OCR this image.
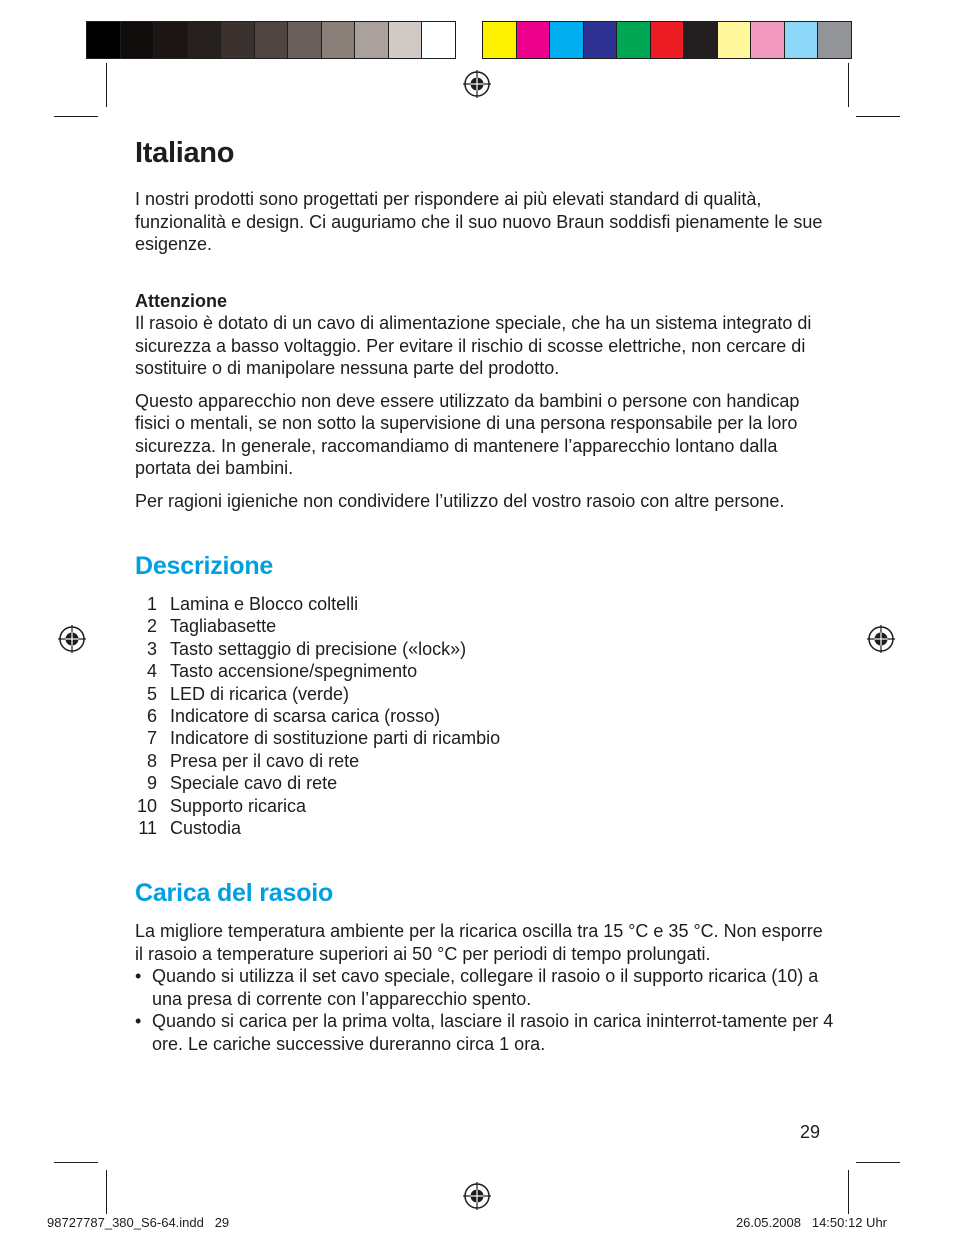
Italiano

I nostri prodotti sono progettati per rispondere ai più elevati standard di qualità, funzionalità e design. Ci auguriamo che il suo nuovo Braun soddisfi pienamente le sue esigenze.

Attenzione

Il rasoio è dotato di un cavo di alimentazione speciale, che ha un sistema integrato di sicurezza a basso voltaggio. Per evitare il rischio di scosse elettriche, non cercare di sostituire o di manipolare nessuna parte del prodotto.

Questo apparecchio non deve essere utilizzato da bambini o persone con handicap fisici o mentali, se non sotto la supervisione di una persona responsabile per la loro sicurezza. In generale, raccomandiamo di mantenere l’apparecchio lontano dalla portata dei bambini.

Per ragioni igieniche non condividere l’utilizzo del vostro rasoio con altre persone.

Descrizione
1 Lamina e Blocco coltelli
2 Tagliabasette
3 Tasto settaggio di precisione («lock»)
4 Tasto accensione/spegnimento
5 LED di ricarica (verde)
6 Indicatore di scarsa carica (rosso)
7 Indicatore di sostituzione parti di ricambio
8 Presa per il cavo di rete
9 Speciale cavo di rete
10 Supporto ricarica
11 Custodia
Carica del rasoio

La migliore temperatura ambiente per la ricarica oscilla tra 15 °C e 35 °C. Non esporre il rasoio a temperature superiori ai 50 °C per periodi di tempo prolungati.

• Quando si utilizza il set cavo speciale, collegare il rasoio o il supporto ricarica (10) a una presa di corrente con l’apparecchio spento.
• Quando si carica per la prima volta, lasciare il rasoio in carica ininterrot-tamente per 4 ore. Le cariche successive dureranno circa 1 ora.
29
98727787_380_S6-64.indd   29	26.05.2008   14:50:12 Uhr
